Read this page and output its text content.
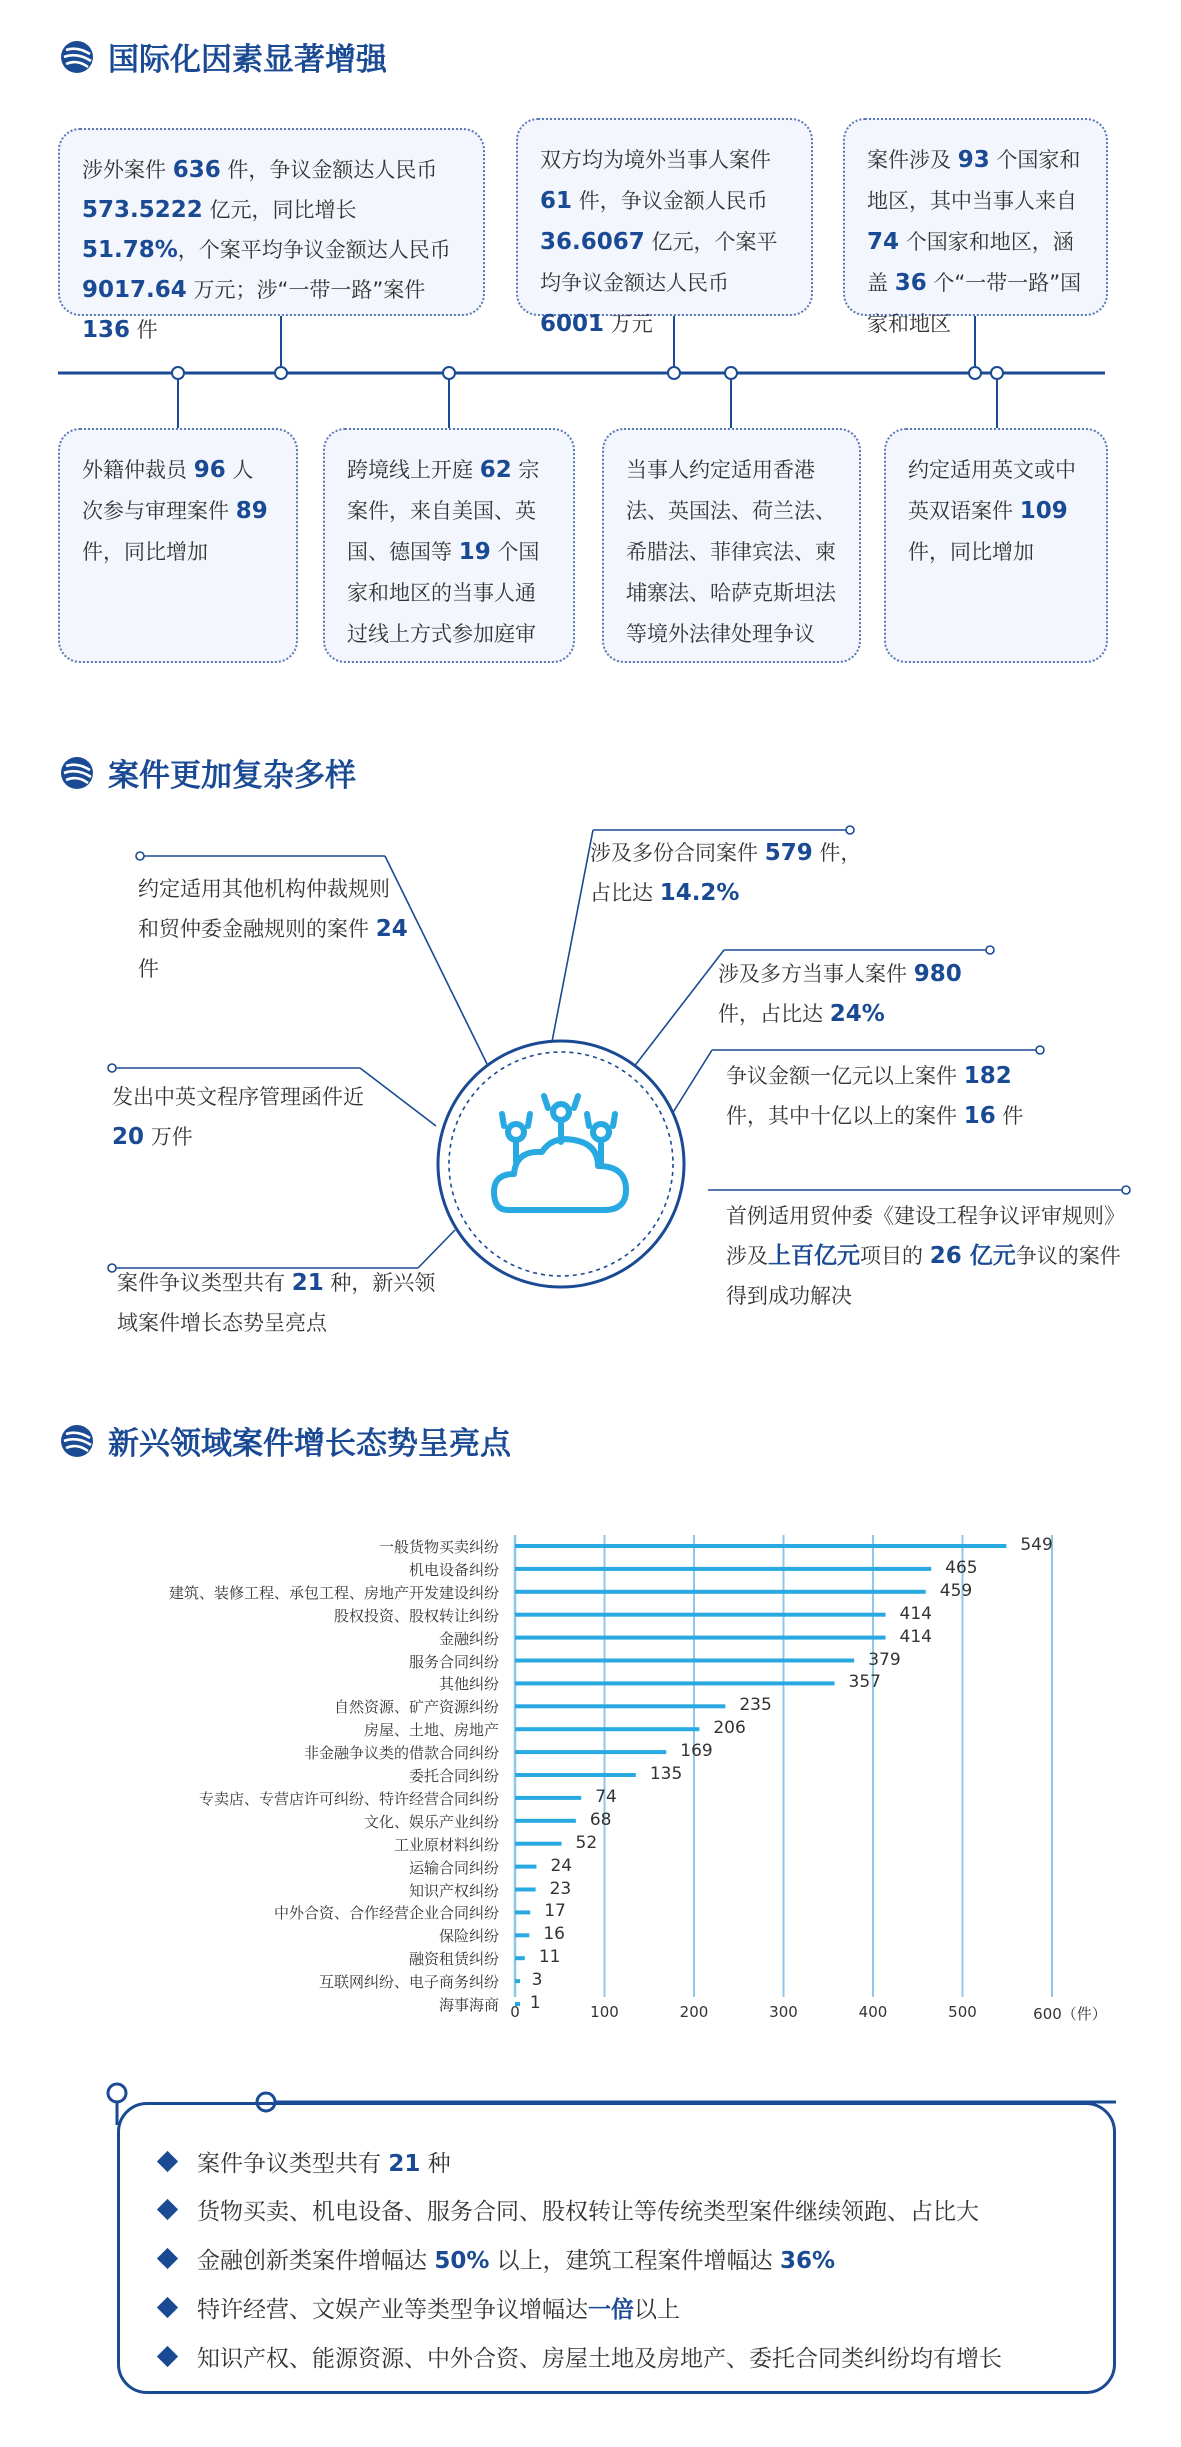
国际化因素显著增强
涉外案件 636 件，争议金额达人民币 573.5222 亿元，同比增长 51.78%，个案平均争议金额达人民币 9017.64 万元；涉“一带一路”案件 136 件
双方均为境外当事人案件 61 件，争议金额人民币 36.6067 亿元，个案平均争议金额达人民币 6001 万元
案件涉及 93 个国家和地区，其中当事人来自 74 个国家和地区，涵盖 36 个“一带一路”国家和地区
外籍仲裁员 96 人次参与审理案件 89 件，同比增加
跨境线上开庭 62 宗案件，来自美国、英国、德国等 19 个国家和地区的当事人通过线上方式参加庭审
当事人约定适用香港法、英国法、荷兰法、希腊法、菲律宾法、柬埔寨法、哈萨克斯坦法等境外法律处理争议
约定适用英文或中英双语案件 109 件，同比增加
案件更加复杂多样
约定适用其他机构仲裁规则和贸仲委金融规则的案件 24 件
发出中英文程序管理函件近 20 万件
案件争议类型共有 21 种，新兴领域案件增长态势呈亮点
涉及多份合同案件 579 件，占比达 14.2%
涉及多方当事人案件 980 件，占比达 24%
争议金额一亿元以上案件 182 件，其中十亿以上的案件 16 件
首例适用贸仲委《建设工程争议评审规则》涉及上百亿元项目的 26 亿元争议的案件得到成功解决
新兴领域案件增长态势呈亮点
一般货物买卖纠纷	549
机电设备纠纷	465
建筑、装修工程、承包工程、房地产开发建设纠纷	459
股权投资、股权转让纠纷	414
金融纠纷	414
服务合同纠纷	379
其他纠纷	357
自然资源、矿产资源纠纷	235
房屋、土地、房地产	206
非金融争议类的借款合同纠纷	169
委托合同纠纷	135
专卖店、专营店许可纠纷、特许经营合同纠纷	74
文化、娱乐产业纠纷	68
工业原材料纠纷	52
运输合同纠纷	24
知识产权纠纷	23
中外合资、合作经营企业合同纠纷	17
保险纠纷	16
融资租赁纠纷 11
互联网纠纷、电子商务纠纷 3
海事海商 1
0	100	200	300	400	500	600（件）
案件争议类型共有 21 种
货物买卖、机电设备、服务合同、股权转让等传统类型案件继续领跑、占比大
金融创新类案件增幅达 50% 以上，建筑工程案件增幅达 36%
特许经营、文娱产业等类型争议增幅达一倍以上
知识产权、能源资源、中外合资、房屋土地及房地产、委托合同类纠纷均有增长
